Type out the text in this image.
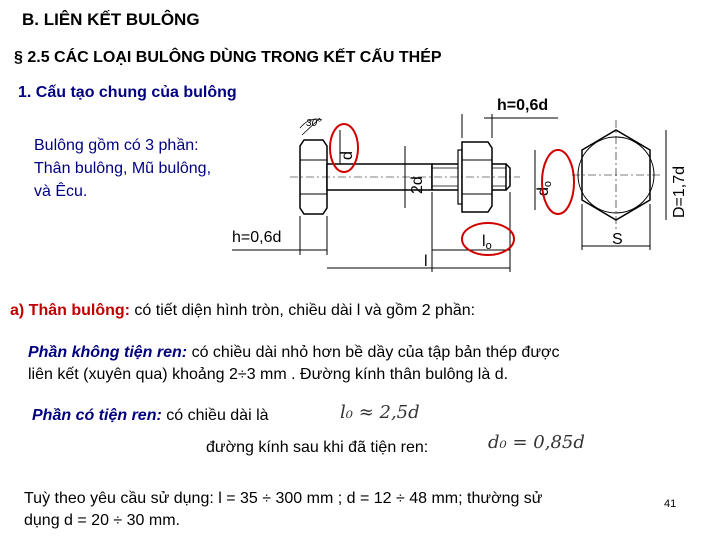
B. LIÊN KẾT BULÔNG
§ 2.5 CÁC LOẠI BULÔNG DÙNG TRONG KẾT CẤU THÉP
1. Cấu tạo chung của bulông
Bulông gồm có 3 phần: Thân bulông, Mũ bulông, và Êcu.
h=0,6d
30°
d
2d	do	D=1,7d
S
h=0,6d	lo
l
a) Thân bulông: có tiết diện hình tròn, chiều dài l và gồm 2 phần:
Phần không tiện ren: có chiều dài nhỏ hơn bề dầy của tập bản thép được
liên kết (xuyên qua) khoảng 2÷3 mm . Đường kính thân bulông là d.
Phần có tiện ren: có chiều dài là	l₀ ≈ 2,5d
đường kính sau khi đã tiện ren:	d₀ = 0,85d
Tuỳ theo yêu cầu sử dụng: l = 35 ÷ 300 mm ; d = 12 ÷ 48 mm; thường sử
dụng d = 20 ÷ 30 mm.
41
